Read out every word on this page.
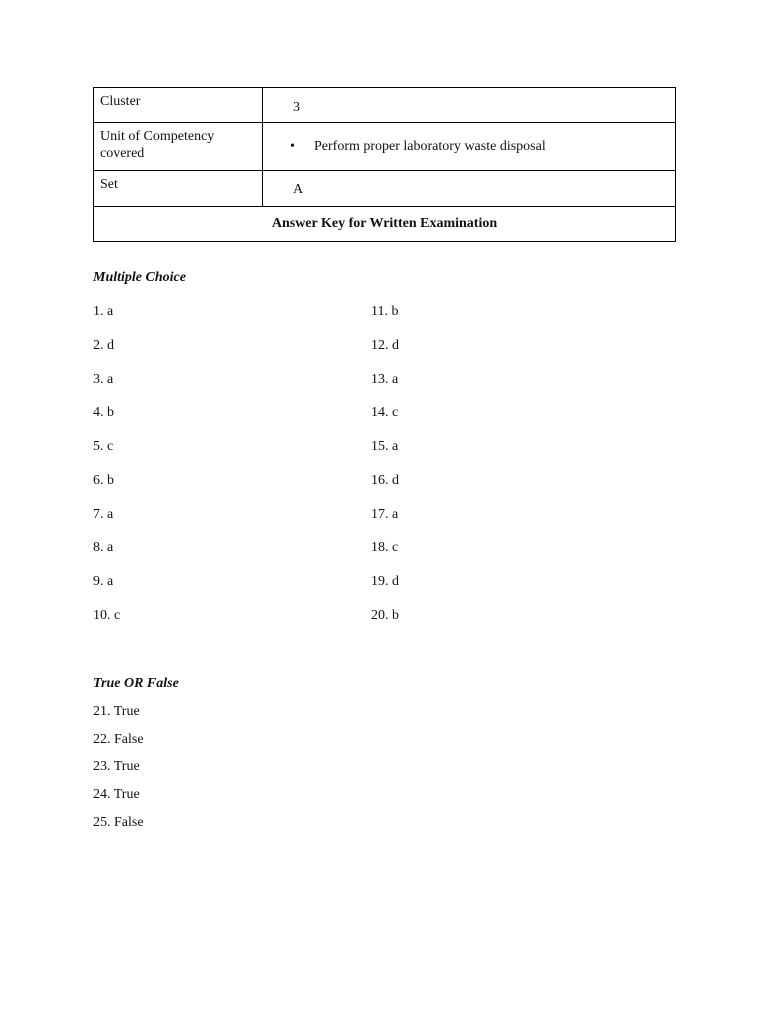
Cluster	3
Unit of Competency
covered	• Perform proper laboratory waste disposal
Set	A
Answer Key for Written Examination	
Multiple Choice
1. a
2. d
3. a
4. b
5. c
6. b
7. a
8. a
9. a
10. c
11. b
12. d
13. a
14. c
15. a
16. d
17. a
18. c
19. d
20. b
True OR False
21. True
22. False
23. True
24. True
25. False
